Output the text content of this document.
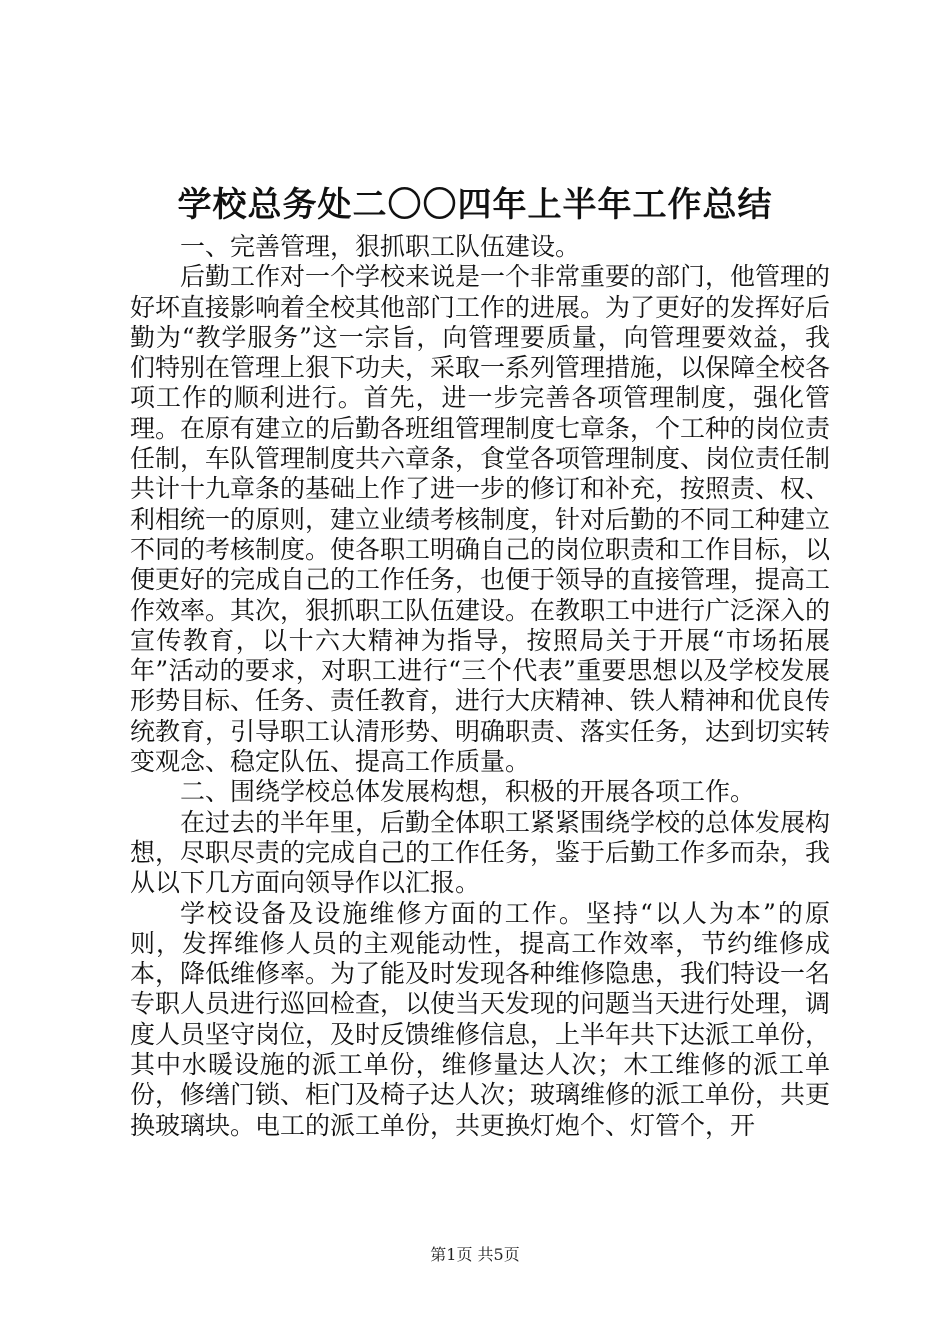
学校总务处二〇〇四年上半年工作总结

一、完善管理，狠抓职工队伍建设。

后勤工作对一个学校来说是一个非常重要的部门，他管理的好坏直接影响着全校其他部门工作的进展。为了更好的发挥好后勤为“教学服务”这一宗旨，向管理要质量，向管理要效益，我们特别在管理上狠下功夫，采取一系列管理措施，以保障全校各项工作的顺利进行。首先，进一步完善各项管理制度，强化管理。在原有建立的后勤各班组管理制度七章条，个工种的岗位责任制，车队管理制度共六章条，食堂各项管理制度、岗位责任制共计十九章条的基础上作了进一步的修订和补充，按照责、权、利相统一的原则，建立业绩考核制度，针对后勤的不同工种建立不同的考核制度。使各职工明确自己的岗位职责和工作目标，以便更好的完成自己的工作任务，也便于领导的直接管理，提高工作效率。其次，狠抓职工队伍建设。在教职工中进行广泛深入的宣传教育，以十六大精神为指导，按照局关于开展“市场拓展年”活动的要求，对职工进行“三个代表”重要思想以及学校发展形势目标、任务、责任教育，进行大庆精神、铁人精神和优良传统教育，引导职工认清形势、明确职责、落实任务，达到切实转变观念、稳定队伍、提高工作质量。

二、围绕学校总体发展构想，积极的开展各项工作。

在过去的半年里，后勤全体职工紧紧围绕学校的总体发展构想，尽职尽责的完成自己的工作任务，鉴于后勤工作多而杂，我从以下几方面向领导作以汇报。

学校设备及设施维修方面的工作。坚持“以人为本”的原则，发挥维修人员的主观能动性，提高工作效率，节约维修成本，降低维修率。为了能及时发现各种维修隐患，我们特设一名专职人员进行巡回检查，以使当天发现的问题当天进行处理，调度人员坚守岗位，及时反馈维修信息，上半年共下达派工单份，其中水暖设施的派工单份，维修量达人次；木工维修的派工单份，修缮门锁、柜门及椅子达人次；玻璃维修的派工单份，共更换玻璃块。电工的派工单份，共更换灯炮个、灯管个，开

第1页 共5页
